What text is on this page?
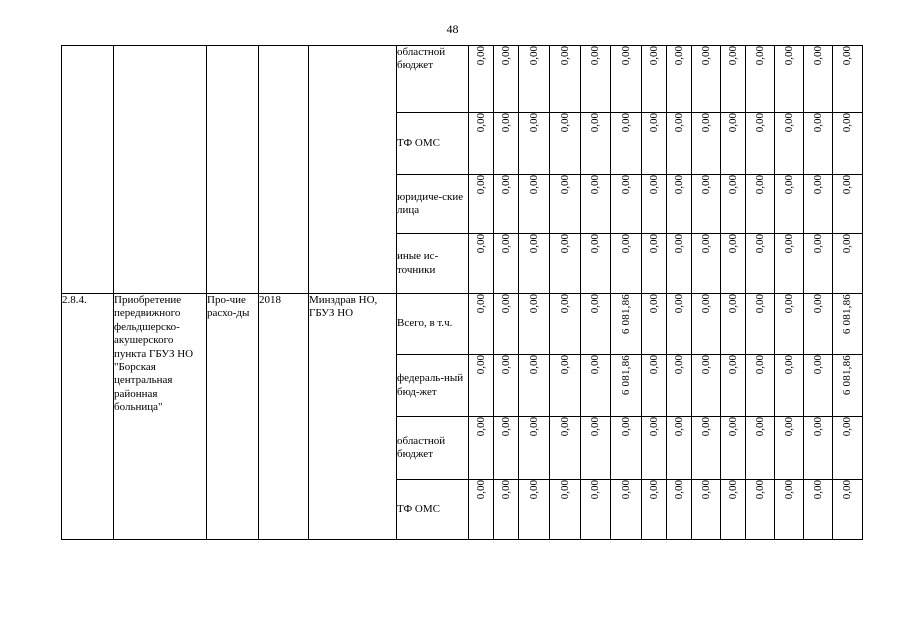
48
					областной бюджет	0,00	0,00	0,00	0,00	0,00	0,00	0,00	0,00	0,00	0,00	0,00	0,00	0,00	0,00
					ТФ ОМС	0,00	0,00	0,00	0,00	0,00	0,00	0,00	0,00	0,00	0,00	0,00	0,00	0,00	0,00
					юридиче-ские лица	0,00	0,00	0,00	0,00	0,00	0,00	0,00	0,00	0,00	0,00	0,00	0,00	0,00	0,00
					иные ис-точники	0,00	0,00	0,00	0,00	0,00	0,00	0,00	0,00	0,00	0,00	0,00	0,00	0,00	0,00
2.8.4.	Приобретение передвижного фельдшерско-акушерского пункта ГБУЗ НО "Борская центральная районная больница"	Про-чие расхо-ды	2018	Минздрав НО, ГБУЗ НО	Всего, в т.ч.	0,00	0,00	0,00	0,00	0,00	6 081,86	0,00	0,00	0,00	0,00	0,00	0,00	0,00	6 081,86
					федераль-ный бюд-жет	0,00	0,00	0,00	0,00	0,00	6 081,86	0,00	0,00	0,00	0,00	0,00	0,00	0,00	6 081,86
					областной бюджет	0,00	0,00	0,00	0,00	0,00	0,00	0,00	0,00	0,00	0,00	0,00	0,00	0,00	0,00
					ТФ ОМС	0,00	0,00	0,00	0,00	0,00	0,00	0,00	0,00	0,00	0,00	0,00	0,00	0,00	0,00
